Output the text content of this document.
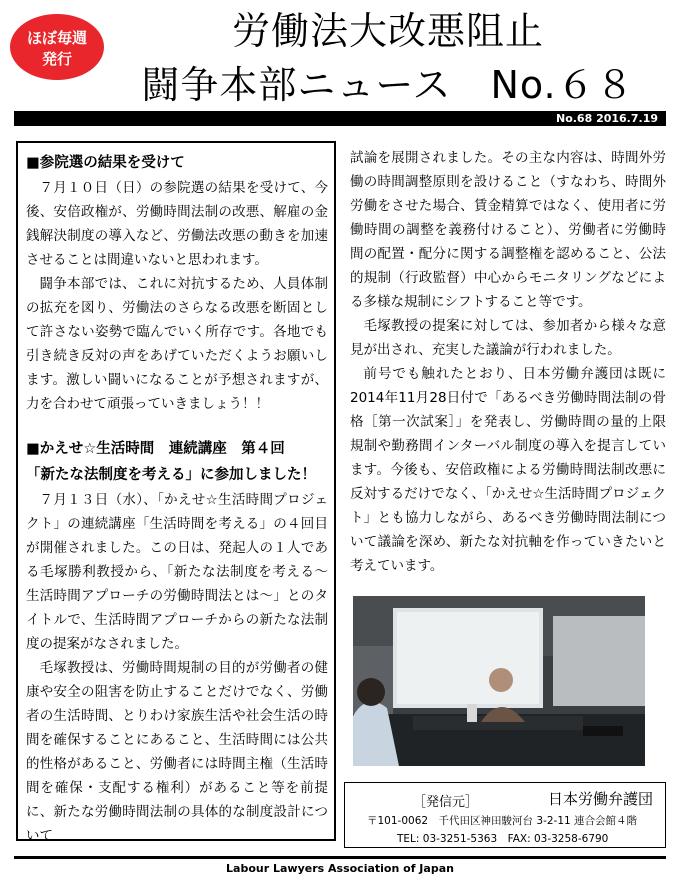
ほぼ毎週
発行
労働法大改悪阻止
闘争本部ニュース　No.６８
No.68 2016.7.19
■参院選の結果を受けて

７月１０日（日）の参院選の結果を受けて、今後、安倍政権が、労働時間法制の改悪、解雇の金銭解決制度の導入など、労働法改悪の動きを加速させることは間違いないと思われます。

闘争本部では、これに対抗するため、人員体制の拡充を図り、労働法のさらなる改悪を断固として許さない姿勢で臨んでいく所存です。各地でも引き続き反対の声をあげていただくようお願いします。激しい闘いになることが予想されますが、力を合わせて頑張っていきましょう！！

■かえせ☆生活時間　連続講座　第４回
「新たな法制度を考える」に参加しました！

７月１３日（水）、「かえせ☆生活時間プロジェクト」の連続講座「生活時間を考える」の４回目が開催されました。この日は、発起人の１人である毛塚勝利教授から、「新たな法制度を考える～生活時間アプローチの労働時間法とは～」とのタイトルで、生活時間アプローチからの新たな法制度の提案がなされました。

毛塚教授は、労働時間規制の目的が労働者の健康や安全の阻害を防止することだけでなく、労働者の生活時間、とりわけ家族生活や社会生活の時間を確保することにあること、生活時間には公共的性格があること、労働者には時間主権（生活時間を確保・支配する権利）があること等を前提に、新たな労働時間法制の具体的な制度設計について

試論を展開されました。その主な内容は、時間外労働の時間調整原則を設けること（すなわち、時間外労働をさせた場合、賃金精算ではなく、使用者に労働時間の調整を義務付けること）、労働者に労働時間の配置・配分に関する調整権を認めること、公法的規制（行政監督）中心からモニタリングなどによる多様な規制にシフトすること等です。

毛塚教授の提案に対しては、参加者から様々な意見が出され、充実した議論が行われました。

前号でも触れたとおり、日本労働弁護団は既に2014年11月28日付で「あるべき労働時間法制の骨格［第一次試案］」を発表し、労働時間の量的上限規制や勤務間インターバル制度の導入を提言しています。今後も、安倍政権による労働時間法制改悪に反対するだけでなく、「かえせ☆生活時間プロジェクト」とも協力しながら、あるべき労働時間法制について議論を深め、新たな対抗軸を作っていきたいと考えています。

［発信元］	日本労働弁護団
〒101-0062　千代田区神田駿河台 3-2-11 連合会館４階
TEL: 03-3251-5363　FAX: 03-3258-6790
Labour Lawyers Association of Japan
